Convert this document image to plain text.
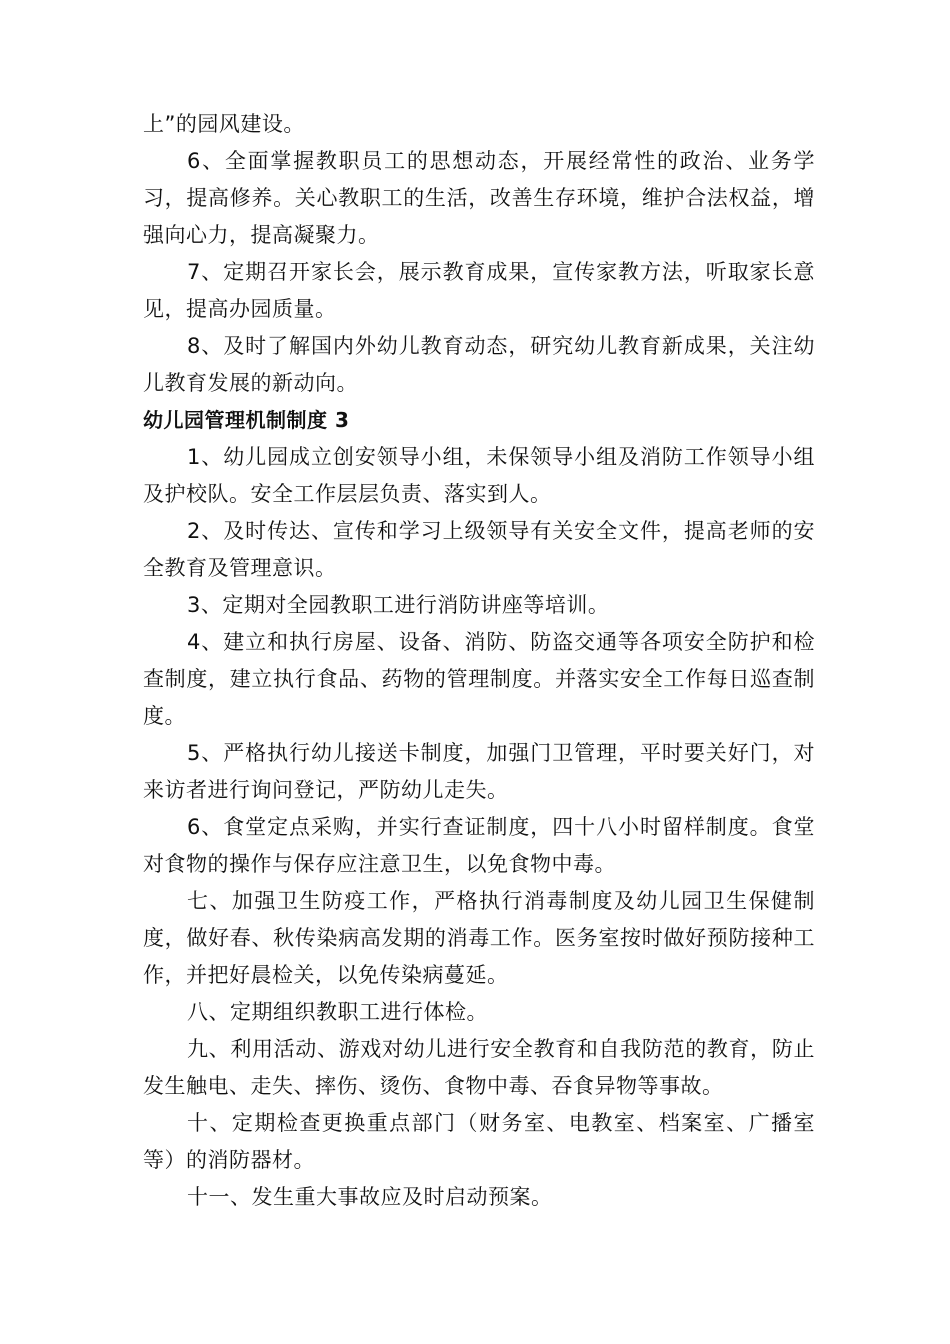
上”的园风建设。

6、全面掌握教职员工的思想动态，开展经常性的政治、业务学习，提高修养。关心教职工的生活，改善生存环境，维护合法权益，增强向心力，提高凝聚力。

7、定期召开家长会，展示教育成果，宣传家教方法，听取家长意见，提高办园质量。

8、及时了解国内外幼儿教育动态，研究幼儿教育新成果，关注幼儿教育发展的新动向。

幼儿园管理机制制度 3

1、幼儿园成立创安领导小组，未保领导小组及消防工作领导小组及护校队。安全工作层层负责、落实到人。

2、及时传达、宣传和学习上级领导有关安全文件，提高老师的安全教育及管理意识。

3、定期对全园教职工进行消防讲座等培训。

4、建立和执行房屋、设备、消防、防盗交通等各项安全防护和检查制度，建立执行食品、药物的管理制度。并落实安全工作每日巡查制度。

5、严格执行幼儿接送卡制度，加强门卫管理，平时要关好门，对来访者进行询问登记，严防幼儿走失。

6、食堂定点采购，并实行查证制度，四十八小时留样制度。食堂对食物的操作与保存应注意卫生，以免食物中毒。

七、加强卫生防疫工作，严格执行消毒制度及幼儿园卫生保健制度，做好春、秋传染病高发期的消毒工作。医务室按时做好预防接种工作，并把好晨检关，以免传染病蔓延。

八、定期组织教职工进行体检。

九、利用活动、游戏对幼儿进行安全教育和自我防范的教育，防止发生触电、走失、摔伤、烫伤、食物中毒、吞食异物等事故。

十、定期检查更换重点部门（财务室、电教室、档案室、广播室等）的消防器材。

十一、发生重大事故应及时启动预案。
